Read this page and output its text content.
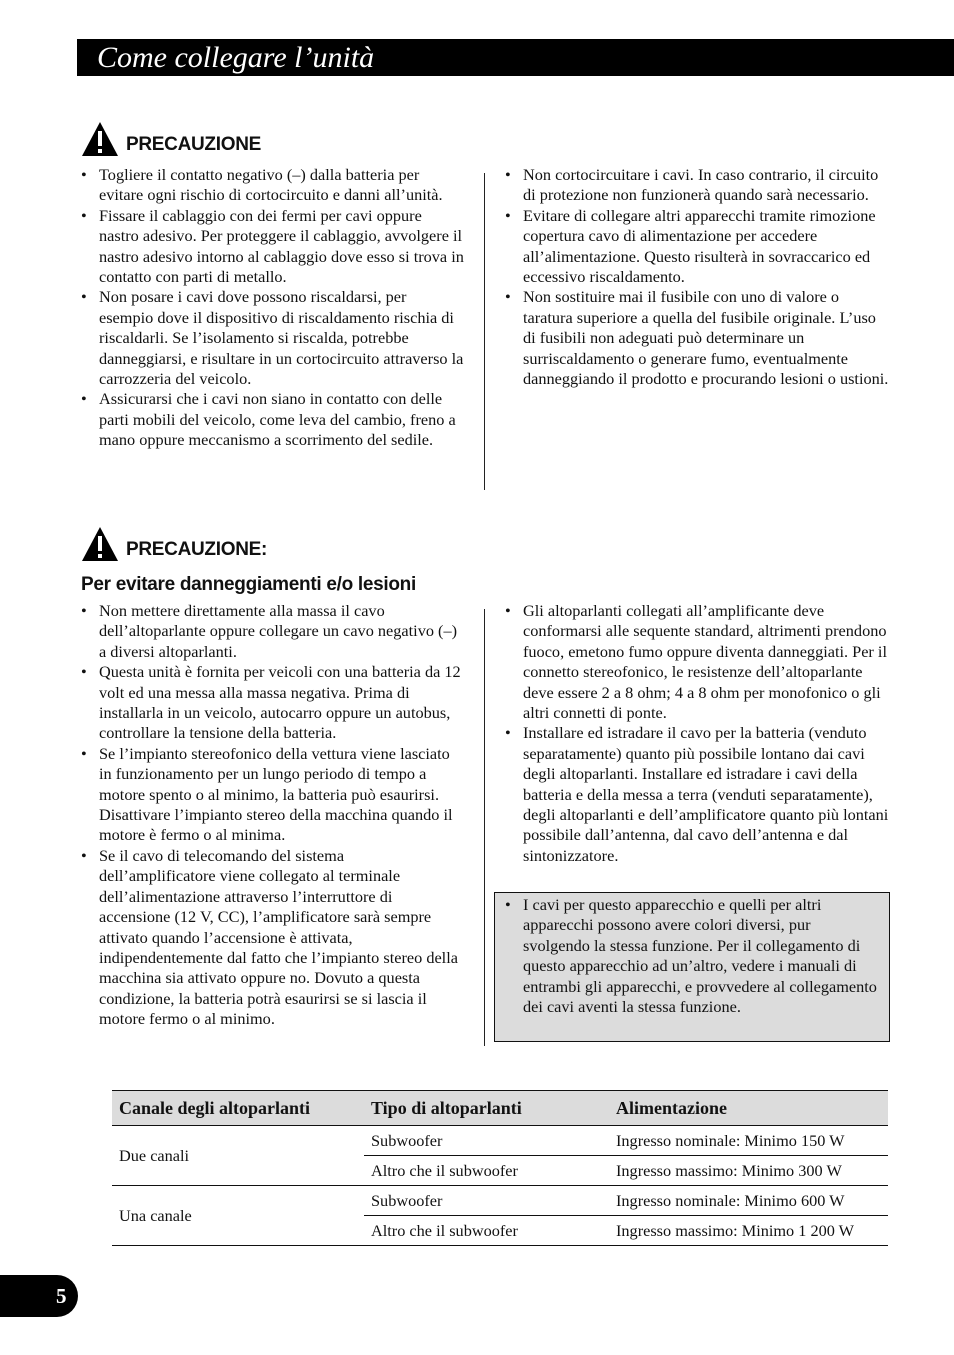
Come collegare l’unità
PRECAUZIONE
• Togliere il contatto negativo (–) dalla batteria per evitare ogni rischio di cortocircuito e danni all’unità.
• Fissare il cablaggio con dei fermi per cavi oppure nastro adesivo. Per proteggere il cablaggio, avvolgere il nastro adesivo intorno al cablaggio dove esso si trova in contatto con parti di metallo.
• Non posare i cavi dove possono riscaldarsi, per esempio dove il dispositivo di riscaldamento rischia di riscaldarli. Se l’isolamento si riscalda, potrebbe danneggiarsi, e risultare in un cortocircuito attraverso la carrozzeria del veicolo.
• Assicurarsi che i cavi non siano in contatto con delle parti mobili del veicolo, come leva del cambio, freno a mano oppure meccanismo a scorrimento del sedile.
• Non cortocircuitare i cavi. In caso contrario, il circuito di protezione non funzionerà quando sarà necessario.
• Evitare di collegare altri apparecchi tramite rimozione copertura cavo di alimentazione per accedere all’alimentazione. Questo risulterà in sovraccarico ed eccessivo riscaldamento.
• Non sostituire mai il fusibile con uno di valore o taratura superiore a quella del fusibile originale. L’uso di fusibili non adeguati può determinare un surriscaldamento o generare fumo, eventualmente danneggiando il prodotto e procurando lesioni o ustioni.
PRECAUZIONE:
Per evitare danneggiamenti e/o lesioni
• Non mettere direttamente alla massa il cavo dell’altoparlante oppure collegare un cavo negativo (–) a diversi altoparlanti.
• Questa unità è fornita per veicoli con una batteria da 12 volt ed una messa alla massa negativa. Prima di installarla in un veicolo, autocarro oppure un autobus, controllare la tensione della batteria.
• Se l’impianto stereofonico della vettura viene lasciato in funzionamento per un lungo periodo di tempo a motore spento o al minimo, la batteria può esaurirsi. Disattivare l’impianto stereo della macchina quando il motore è fermo o al minima.
• Se il cavo di telecomando del sistema dell’amplificatore viene collegato al terminale dell’alimentazione attraverso l’interruttore di accensione (12 V, CC), l’amplificatore sarà sempre attivato quando l’accensione è attivata, indipendentemente dal fatto che l’impianto stereo della macchina sia attivato oppure no. Dovuto a questa condizione, la batteria potrà esaurirsi se si lascia il motore fermo o al minimo.
• Gli altoparlanti collegati all’amplificante deve conformarsi alle sequente standard, altrimenti prendono fuoco, emetono fumo oppure diventa danneggiati. Per il connetto stereofonico, le resistenze dell’altoparlante deve essere 2 a 8 ohm; 4 a 8 ohm per monofonico o gli altri connetti di ponte.
• Installare ed istradare il cavo per la batteria (venduto separatamente) quanto più possibile lontano dai cavi degli altoparlanti. Installare ed istradare i cavi della batteria e della messa a terra (venduti separatamente), degli altoparlanti e dell’amplificatore quanto più lontani possibile dall’antenna, dal cavo dell’antenna e dal sintonizzatore.
• I cavi per questo apparecchio e quelli per altri apparecchi possono avere colori diversi, pur svolgendo la stessa funzione. Per il collegamento di questo apparecchio ad un’altro, vedere i manuali di entrambi gli apparecchi, e provvedere al collegamento dei cavi aventi la stessa funzione.
Canale degli altoparlanti	Tipo di altoparlanti	Alimentazione
Due canali	Subwoofer	Ingresso nominale: Minimo 150 W
	Altro che il subwoofer	Ingresso massimo: Minimo 300 W
Una canale	Subwoofer	Ingresso nominale: Minimo 600 W
	Altro che il subwoofer	Ingresso massimo: Minimo 1 200 W
5
